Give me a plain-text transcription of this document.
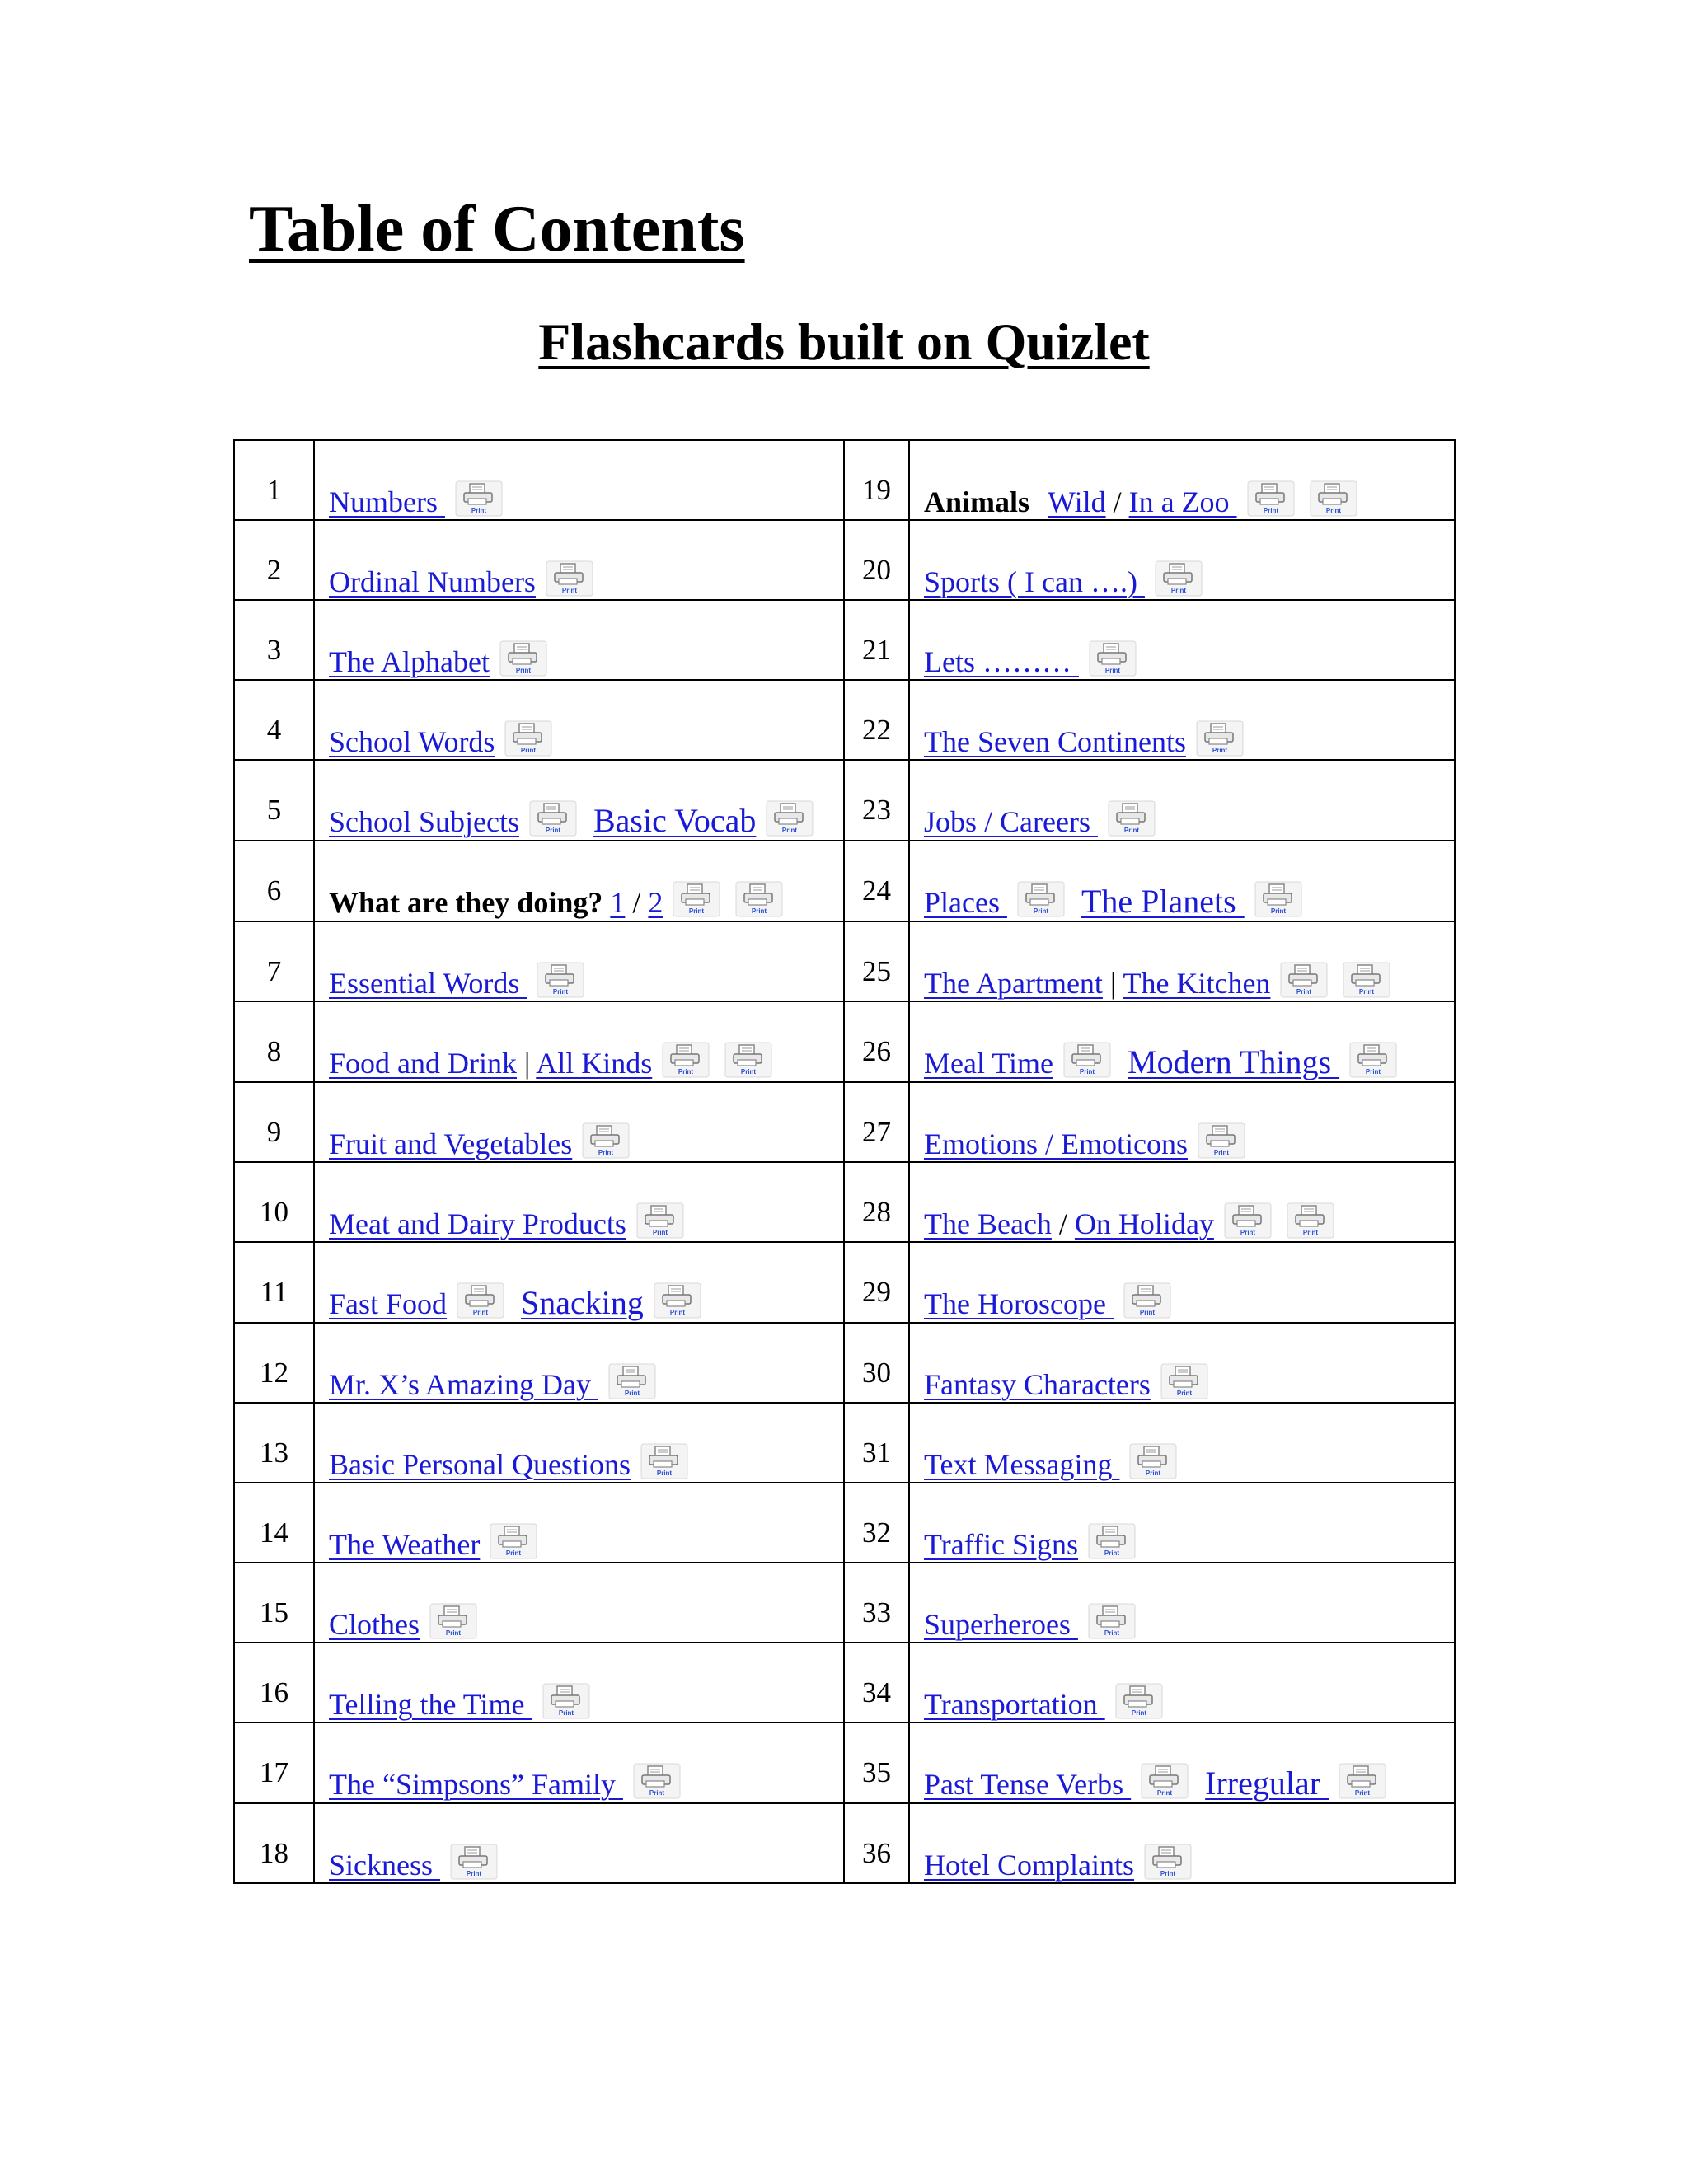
Table of Contents
Flashcards built on Quizlet
1	Numbers Print	19	Animals Wild / In a Zoo Print Print

2	Ordinal Numbers Print	20	Sports ( I can ….) Print

3	The Alphabet Print	21	Lets ……… Print

4	School Words Print	22	The Seven Continents Print

5	School Subjects Print Basic Vocab Print	23	Jobs / Careers Print

6	What are they doing? 1 / 2 Print Print	24	Places Print The Planets Print

7	Essential Words Print	25	The Apartment | The Kitchen Print Print

8	Food and Drink | All Kinds Print Print	26	Meal Time Print Modern Things Print

9	Fruit and Vegetables Print	27	Emotions / Emoticons Print

10	Meat and Dairy Products Print	28	The Beach / On Holiday Print Print

11	Fast Food Print Snacking Print	29	The Horoscope Print

12	Mr. X’s Amazing Day Print	30	Fantasy Characters Print

13	Basic Personal Questions Print	31	Text Messaging Print

14	The Weather Print	32	Traffic Signs Print

15	Clothes Print	33	Superheroes Print

16	Telling the Time Print	34	Transportation Print

17	The “Simpsons” Family Print	35	Past Tense Verbs Print Irregular Print

18	Sickness Print	36	Hotel Complaints Print
